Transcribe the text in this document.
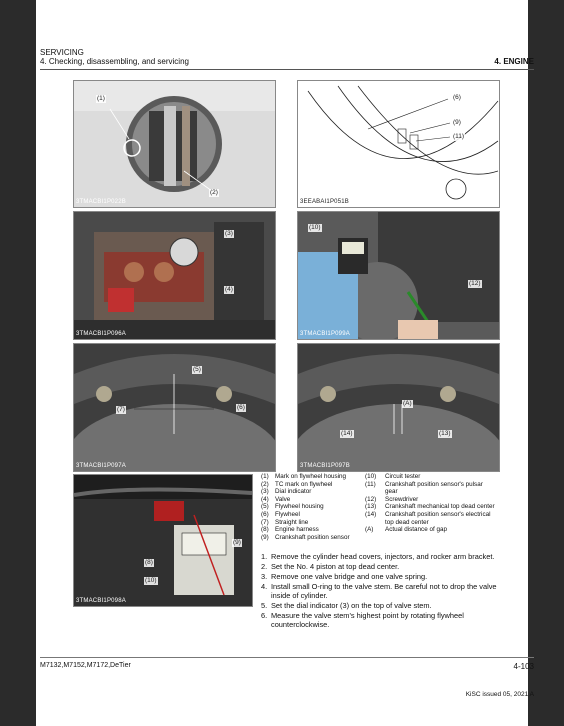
SERVICING
4. Checking, disassembling, and servicing	4. ENGINE
(1)
(2)
3TMACBI1P022B
(6)
(9)
(11)
3EEABAI1P051B
(3)
(4)
3TMACBI1P096A
(10)
(12)
3TMACBI1P099A
(5)
(6)
(7)
3TMACBI1P097A
(A)
(14)	(13)
3TMACBI1P097B
(8)
(9)
(10)
3TMACBI1P098A
(1) Mark on flywheel housing
(2) TC mark on flywheel
(3) Dial indicator
(4) Valve
(5) Flywheel housing
(6) Flywheel
(7) Straight line
(8) Engine harness
(9) Crankshaft position sensor
(10)	Circuit tester
(11)	Crankshaft position sensor's pulsar gear
(12)	Screwdriver
(13)	Crankshaft mechanical top dead center
(14)	Crankshaft position sensor's electrical top dead center
(A)	Actual distance of gap
1. Remove the cylinder head covers, injectors, and rocker arm bracket.
2. Set the No. 4 piston at top dead center.
3. Remove one valve bridge and one valve spring.
4. Install small O-ring to the valve stem. Be careful not to drop the valve inside of cylinder.
5. Set the dial indicator (3) on the top of valve stem.
6. Measure the valve stem's highest point by rotating flywheel counterclockwise.
M7132,M7152,M7172,DeTier	4-103
KiSC issued 05, 2021 A
